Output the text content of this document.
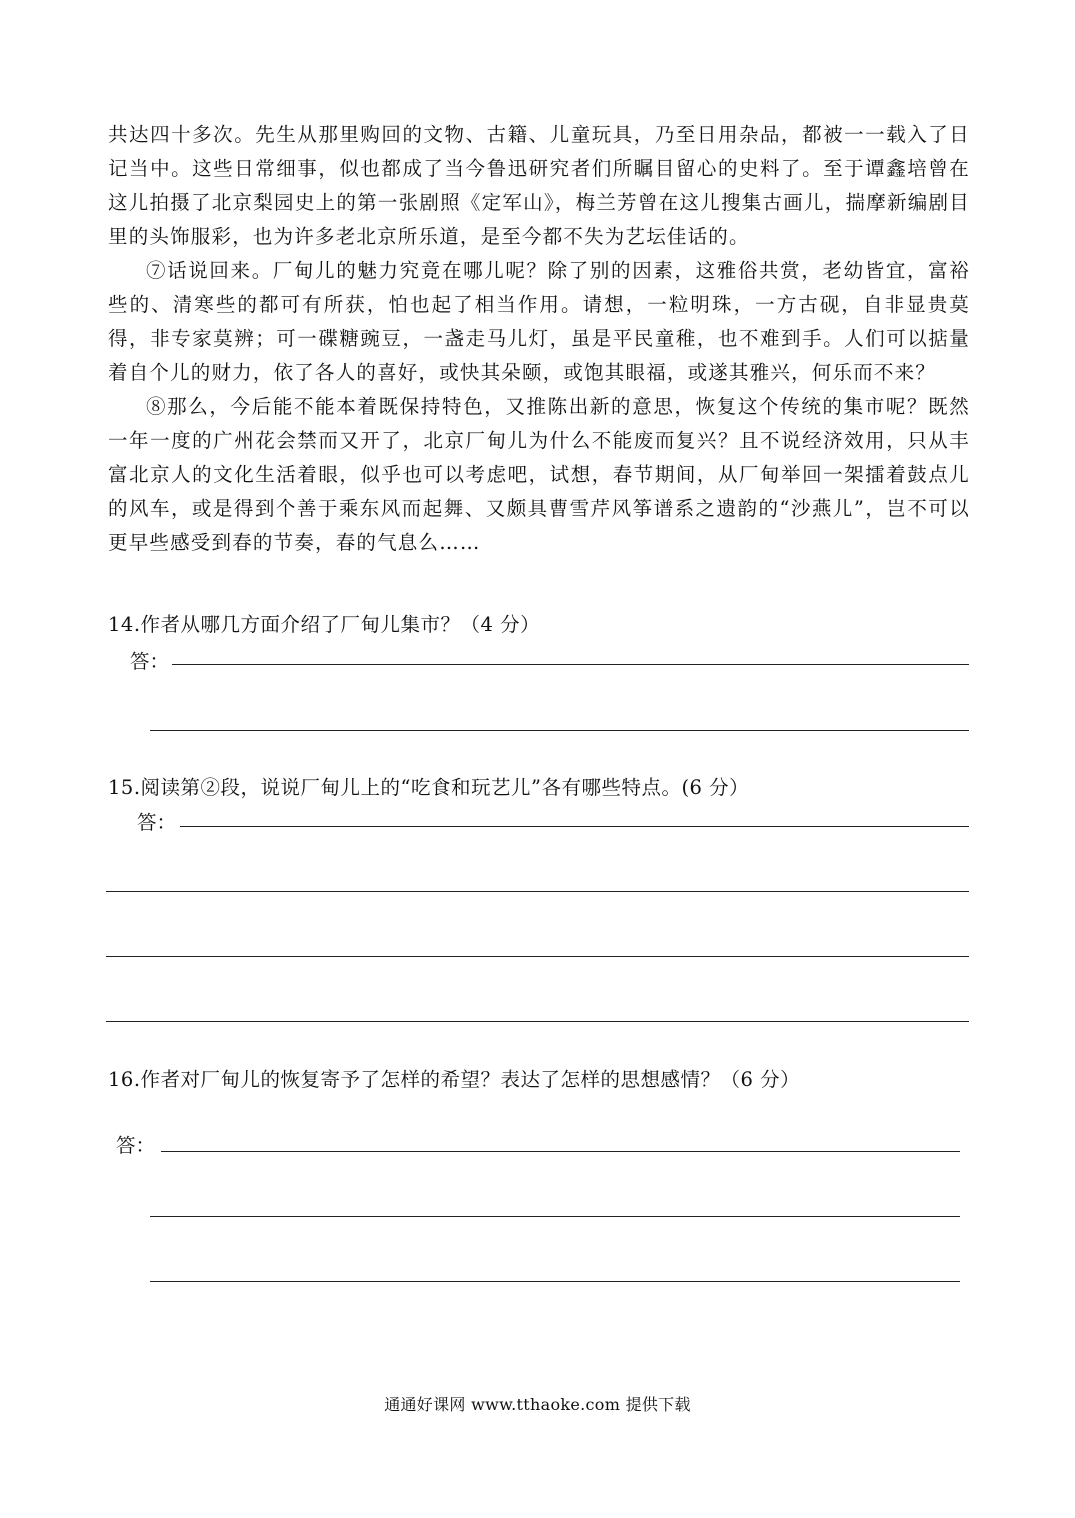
共达四十多次。先生从那里购回的文物、古籍、儿童玩具，乃至日用杂品，都被一一载入了日记当中。这些日常细事，似也都成了当今鲁迅研究者们所瞩目留心的史料了。至于谭鑫培曾在这儿拍摄了北京梨园史上的第一张剧照《定军山》，梅兰芳曾在这儿搜集古画儿，揣摩新编剧目里的头饰服彩，也为许多老北京所乐道，是至今都不失为艺坛佳话的。

⑦话说回来。厂甸儿的魅力究竟在哪儿呢？除了别的因素，这雅俗共赏，老幼皆宜，富裕些的、清寒些的都可有所获，怕也起了相当作用。请想，一粒明珠，一方古砚，自非显贵莫得，非专家莫辨；可一碟糖豌豆，一盏走马儿灯，虽是平民童稚，也不难到手。人们可以掂量着自个儿的财力，依了各人的喜好，或快其朵颐，或饱其眼福，或遂其雅兴，何乐而不来？

⑧那么，今后能不能本着既保持特色，又推陈出新的意思，恢复这个传统的集市呢？既然一年一度的广州花会禁而又开了，北京厂甸儿为什么不能废而复兴？且不说经济效用，只从丰富北京人的文化生活着眼，似乎也可以考虑吧，试想，春节期间，从厂甸举回一架擂着鼓点儿的风车，或是得到个善于乘东风而起舞、又颇具曹雪芹风筝谱系之遗韵的“沙燕儿”，岂不可以更早些感受到春的节奏，春的气息么……

14.作者从哪几方面介绍了厂甸儿集市？（4 分）
答：
15.阅读第②段，说说厂甸儿上的“吃食和玩艺儿”各有哪些特点。(6 分）
答：
16.作者对厂甸儿的恢复寄予了怎样的希望？表达了怎样的思想感情？（6 分）
答：
通通好课网 www.tthaoke.com 提供下载
